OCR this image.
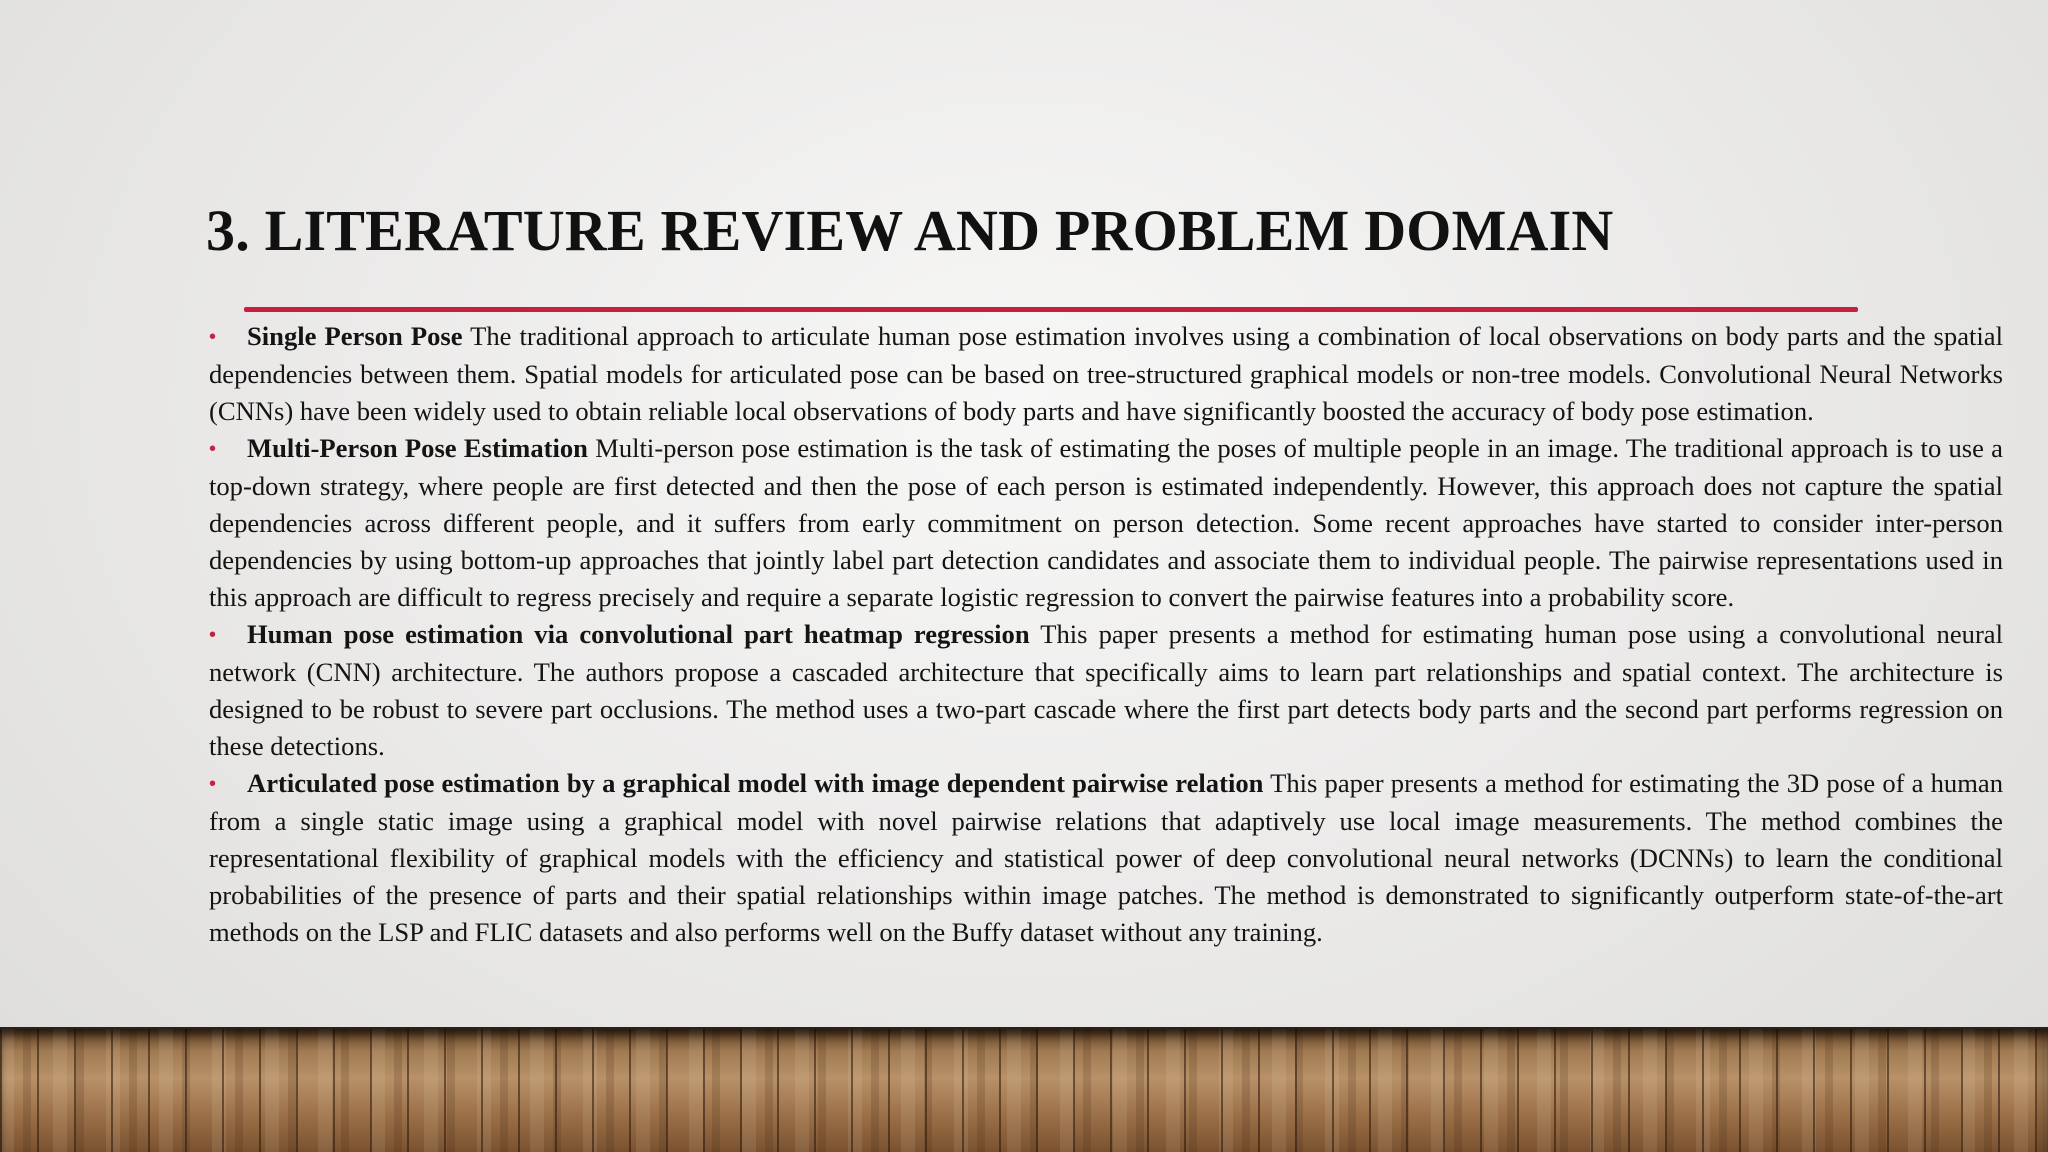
3. LITERATURE REVIEW AND PROBLEM DOMAIN

• Single Person Pose The traditional approach to articulate human pose estimation involves using a combination of local observations on body parts and the spatial dependencies between them. Spatial models for articulated pose can be based on tree-structured graphical models or non-tree models. Convolutional Neural Networks (CNNs) have been widely used to obtain reliable local observations of body parts and have significantly boosted the accuracy of body pose estimation.

• Multi-Person Pose Estimation Multi-person pose estimation is the task of estimating the poses of multiple people in an image. The traditional approach is to use a top-down strategy, where people are first detected and then the pose of each person is estimated independently. However, this approach does not capture the spatial dependencies across different people, and it suffers from early commitment on person detection. Some recent approaches have started to consider inter-person dependencies by using bottom-up approaches that jointly label part detection candidates and associate them to individual people. The pairwise representations used in this approach are difficult to regress precisely and require a separate logistic regression to convert the pairwise features into a probability score.

• Human pose estimation via convolutional part heatmap regression This paper presents a method for estimating human pose using a convolutional neural network (CNN) architecture. The authors propose a cascaded architecture that specifically aims to learn part relationships and spatial context. The architecture is designed to be robust to severe part occlusions. The method uses a two-part cascade where the first part detects body parts and the second part performs regression on these detections.

• Articulated pose estimation by a graphical model with image dependent pairwise relation This paper presents a method for estimating the 3D pose of a human from a single static image using a graphical model with novel pairwise relations that adaptively use local image measurements. The method combines the representational flexibility of graphical models with the efficiency and statistical power of deep convolutional neural networks (DCNNs) to learn the conditional probabilities of the presence of parts and their spatial relationships within image patches. The method is demonstrated to significantly outperform state-of-the-art methods on the LSP and FLIC datasets and also performs well on the Buffy dataset without any training.
